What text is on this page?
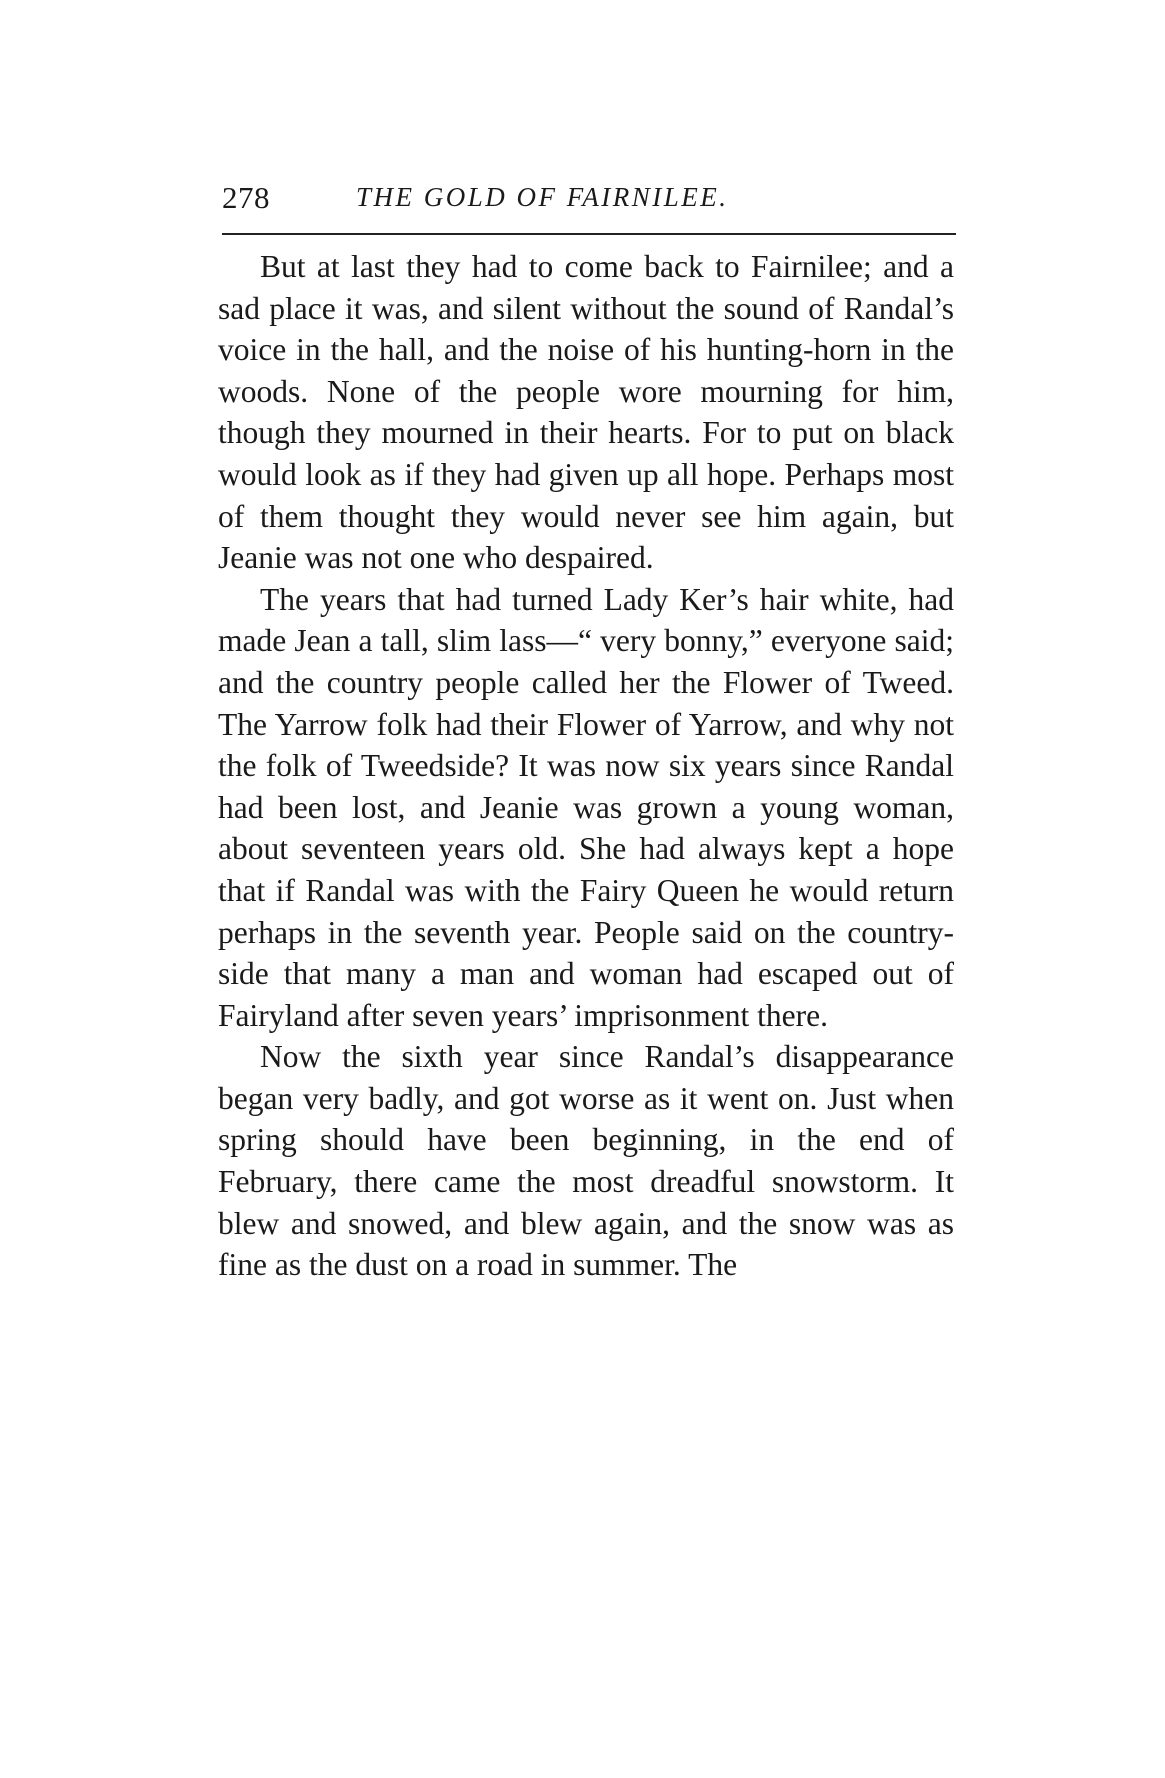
278	THE GOLD OF FAIRNILEE.

But at last they had to come back to Fairnilee; and a sad place it was, and silent without the sound of Randal’s voice in the hall, and the noise of his hunting-horn in the woods. None of the people wore mourning for him, though they mourned in their hearts. For to put on black would look as if they had given up all hope. Perhaps most of them thought they would never see him again, but Jeanie was not one who despaired.

The years that had turned Lady Ker’s hair white, had made Jean a tall, slim lass—“ very bonny,” everyone said; and the country people called her the Flower of Tweed. The Yarrow folk had their Flower of Yarrow, and why not the folk of Tweedside? It was now six years since Randal had been lost, and Jeanie was grown a young woman, about seventeen years old. She had always kept a hope that if Randal was with the Fairy Queen he would return perhaps in the seventh year. People said on the country-side that many a man and woman had escaped out of Fairyland after seven years’ imprisonment there.

Now the sixth year since Randal’s disappearance began very badly, and got worse as it went on. Just when spring should have been beginning, in the end of February, there came the most dreadful snowstorm. It blew and snowed, and blew again, and the snow was as fine as the dust on a road in summer. The
